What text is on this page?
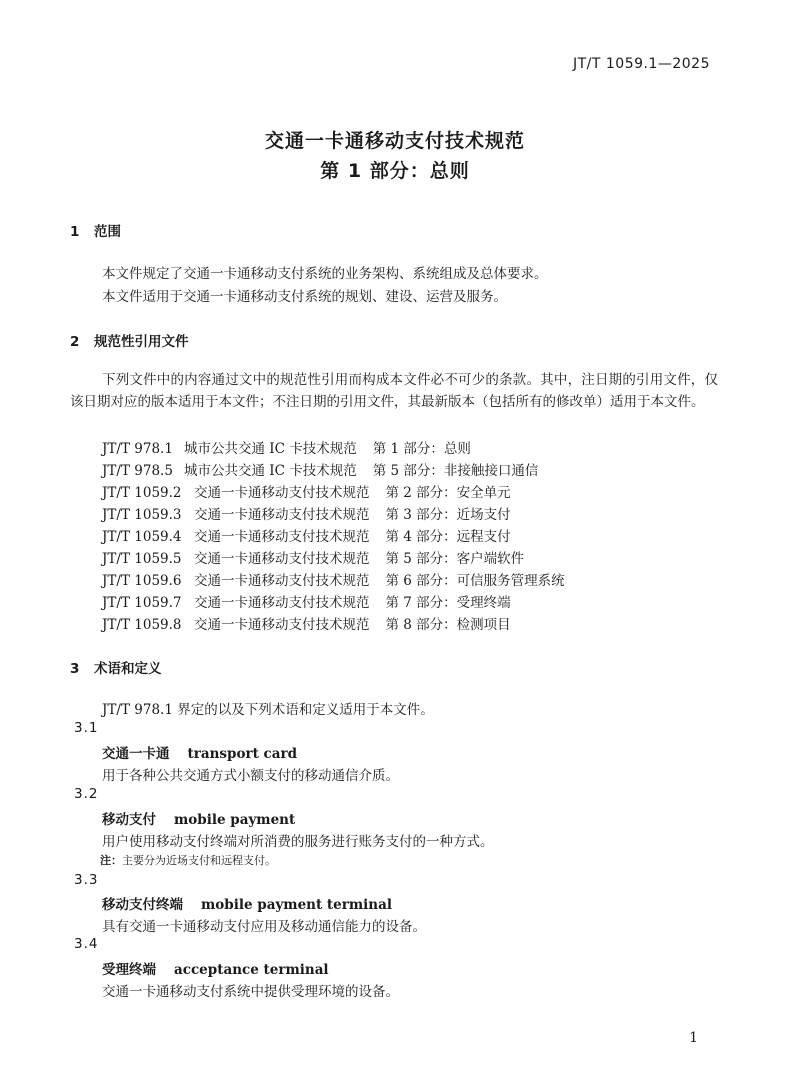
JT/T 1059.1—2025
交通一卡通移动支付技术规范
第 1 部分：总则
1 范围
本文件规定了交通一卡通移动支付系统的业务架构、系统组成及总体要求。
本文件适用于交通一卡通移动支付系统的规划、建设、运营及服务。
2 规范性引用文件
下列文件中的内容通过文中的规范性引用而构成本文件必不可少的条款。其中，注日期的引用文件，仅该日期对应的版本适用于本文件；不注日期的引用文件，其最新版本（包括所有的修改单）适用于本文件。
JT/T 978.1 城市公共交通 IC 卡技术规范 第 1 部分：总则
JT/T 978.5 城市公共交通 IC 卡技术规范 第 5 部分：非接触接口通信
JT/T 1059.2 交通一卡通移动支付技术规范 第 2 部分：安全单元
JT/T 1059.3 交通一卡通移动支付技术规范 第 3 部分：近场支付
JT/T 1059.4 交通一卡通移动支付技术规范 第 4 部分：远程支付
JT/T 1059.5 交通一卡通移动支付技术规范 第 5 部分：客户端软件
JT/T 1059.6 交通一卡通移动支付技术规范 第 6 部分：可信服务管理系统
JT/T 1059.7 交通一卡通移动支付技术规范 第 7 部分：受理终端
JT/T 1059.8 交通一卡通移动支付技术规范 第 8 部分：检测项目
3 术语和定义
JT/T 978.1 界定的以及下列术语和定义适用于本文件。
3.1
交通一卡通 transport card
用于各种公共交通方式小额支付的移动通信介质。
3.2
移动支付 mobile payment
用户使用移动支付终端对所消费的服务进行账务支付的一种方式。
注：主要分为近场支付和远程支付。
3.3
移动支付终端 mobile payment terminal
具有交通一卡通移动支付应用及移动通信能力的设备。
3.4
受理终端 acceptance terminal
交通一卡通移动支付系统中提供受理环境的设备。
1
